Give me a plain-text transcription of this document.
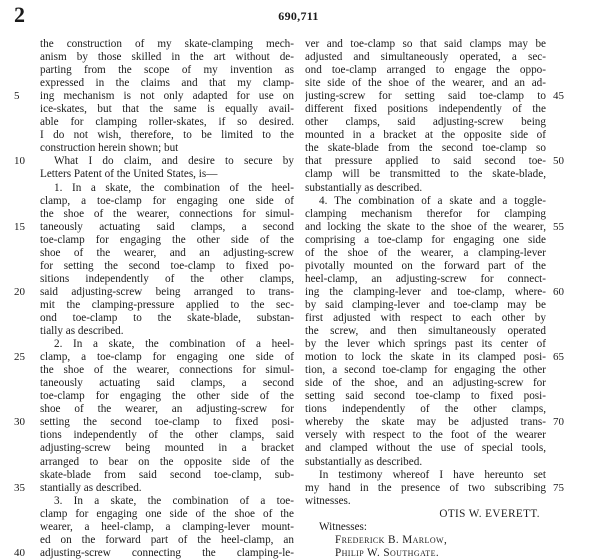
2	690,711
the construction of my skate-clamping mech-
anism by those skilled in the art without de-
parting from the scope of my invention as
expressed in the claims and that my clamp-
ing mechanism is not only adapted for use on
ice-skates, but that the same is equally avail-
able for clamping roller-skates, if so desired.
I do not wish, therefore, to be limited to the
construction herein shown; but
What I do claim, and desire to secure by
Letters Patent of the United States, is—
1. In a skate, the combination of the heel-
clamp, a toe-clamp for engaging one side of
the shoe of the wearer, connections for simul-
taneously actuating said clamps, a second
toe-clamp for engaging the other side of the
shoe of the wearer, and an adjusting-screw
for setting the second toe-clamp to fixed po-
sitions independently of the other clamps,
said adjusting-screw being arranged to trans-
mit the clamping-pressure applied to the sec-
ond toe-clamp to the skate-blade, substan-
tially as described.
2. In a skate, the combination of a heel-
clamp, a toe-clamp for engaging one side of
the shoe of the wearer, connections for simul-
taneously actuating said clamps, a second
toe-clamp for engaging the other side of the
shoe of the wearer, an adjusting-screw for
setting the second toe-clamp to fixed posi-
tions independently of the other clamps, said
adjusting-screw being mounted in a bracket
arranged to bear on the opposite side of the
skate-blade from said second toe-clamp, sub-
stantially as described.
3. In a skate, the combination of a toe-
clamp for engaging one side of the shoe of the
wearer, a heel-clamp, a clamping-lever mount-
ed on the forward part of the heel-clamp, an
adjusting-screw connecting the clamping-le-
ver and toe-clamp so that said clamps may be
adjusted and simultaneously operated, a sec-
ond toe-clamp arranged to engage the oppo-
site side of the shoe of the wearer, and an ad-
justing-screw for setting said toe-clamp to
different fixed positions independently of the
other clamps, said adjusting-screw being
mounted in a bracket at the opposite side of
the skate-blade from the second toe-clamp so
that pressure applied to said second toe-
clamp will be transmitted to the skate-blade,
substantially as described.
4. The combination of a skate and a toggle-
clamping mechanism therefor for clamping
and locking the skate to the shoe of the wearer,
comprising a toe-clamp for engaging one side
of the shoe of the wearer, a clamping-lever
pivotally mounted on the forward part of the
heel-clamp, an adjusting-screw for connect-
ing the clamping-lever and toe-clamp, where-
by said clamping-lever and toe-clamp may be
first adjusted with respect to each other by
the screw, and then simultaneously operated
by the lever which springs past its center of
motion to lock the skate in its clamped posi-
tion, a second toe-clamp for engaging the other
side of the shoe, and an adjusting-screw for
setting said second toe-clamp to fixed posi-
tions independently of the other clamps,
whereby the skate may be adjusted trans-
versely with respect to the foot of the wearer
and clamped without the use of special tools,
substantially as described.
In testimony whereof I have hereunto set
my hand in the presence of two subscribing
witnesses.
OTIS W. EVERETT.
Witnesses:
Frederick B. Marlow,
Philip W. Southgate.
5
10
15
20
25
30
35
40
45
50
55
60
65
70
75
